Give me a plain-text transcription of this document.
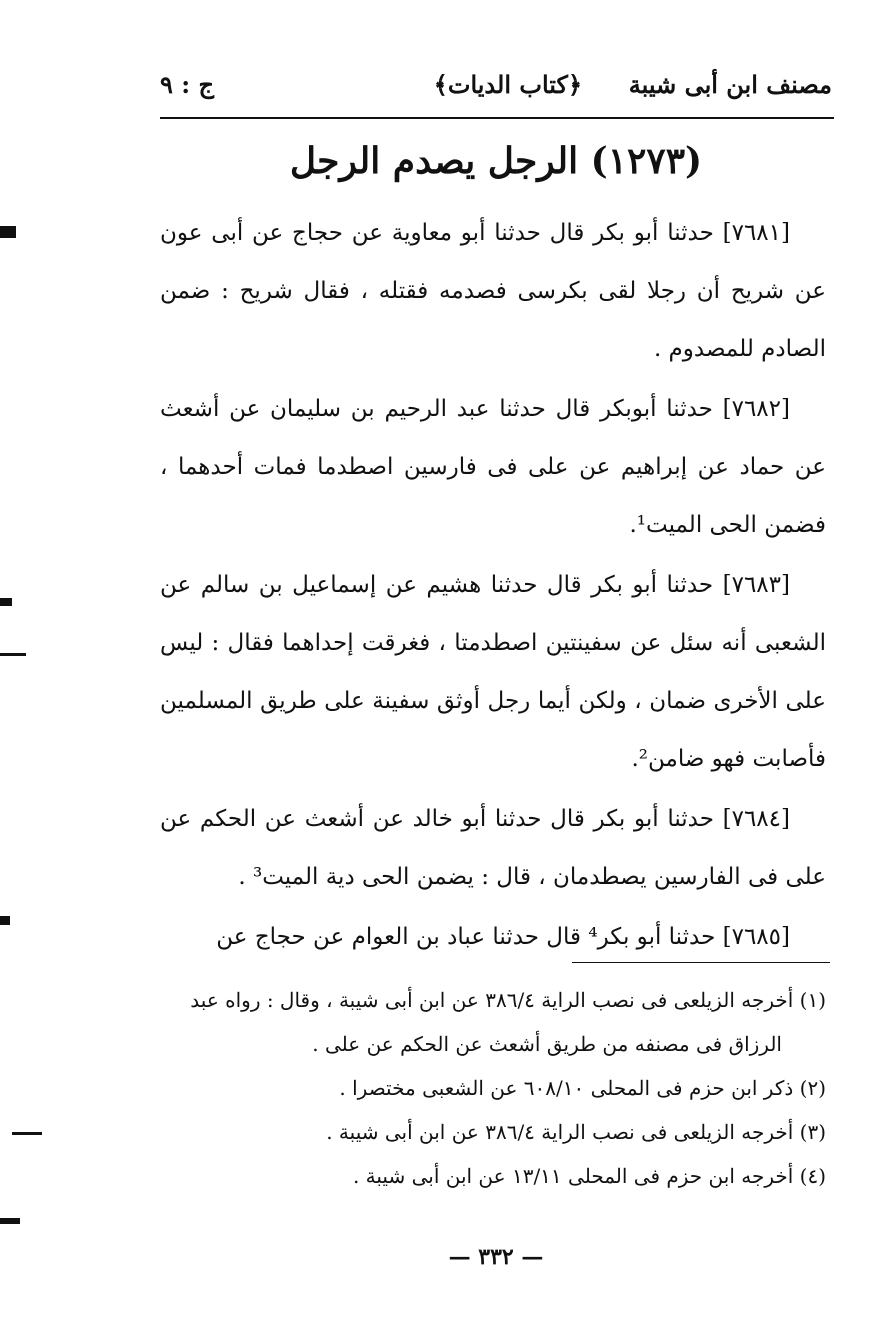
مصنف ابن أبى شيبة
﴿كتاب الديات﴾
ج : ٩
(١٢٧٣) الرجل يصدم الرجل

[٧٦٨١] حدثنا أبو بكر قال حدثنا أبو معاوية عن حجاج عن أبى عون عن شريح أن رجلا لقى بكرسى فصدمه فقتله ، فقال شريح : ضمن الصادم للمصدوم .

[٧٦٨٢] حدثنا أبوبكر قال حدثنا عبد الرحيم بن سليمان عن أشعث عن حماد عن إبراهيم عن على فى فارسين اصطدما فمات أحدهما ، فضمن الحى الميت¹.

[٧٦٨٣] حدثنا أبو بكر قال حدثنا هشيم عن إسماعيل بن سالم عن الشعبى أنه سئل عن سفينتين اصطدمتا ، فغرقت إحداهما فقال : ليس على الأخرى ضمان ، ولكن أيما رجل أوثق سفينة على طريق المسلمين فأصابت فهو ضامن².

[٧٦٨٤] حدثنا أبو بكر قال حدثنا أبو خالد عن أشعث عن الحكم عن على فى الفارسين يصطدمان ، قال : يضمن الحى دية الميت³ .

[٧٦٨٥] حدثنا أبو بكر⁴ قال حدثنا عباد بن العوام عن حجاج عن

(١) أخرجه الزيلعى فى نصب الراية ٣٨٦/٤ عن ابن أبى شيبة ، وقال : رواه عبد الرزاق فى مصنفه من طريق أشعث عن الحكم عن على .

(٢) ذكر ابن حزم فى المحلى ٦٠٨/١٠ عن الشعبى مختصرا .

(٣) أخرجه الزيلعى فى نصب الراية ٣٨٦/٤ عن ابن أبى شيبة .

(٤) أخرجه ابن حزم فى المحلى ١٣/١١ عن ابن أبى شيبة .

— ٣٣٢ —
